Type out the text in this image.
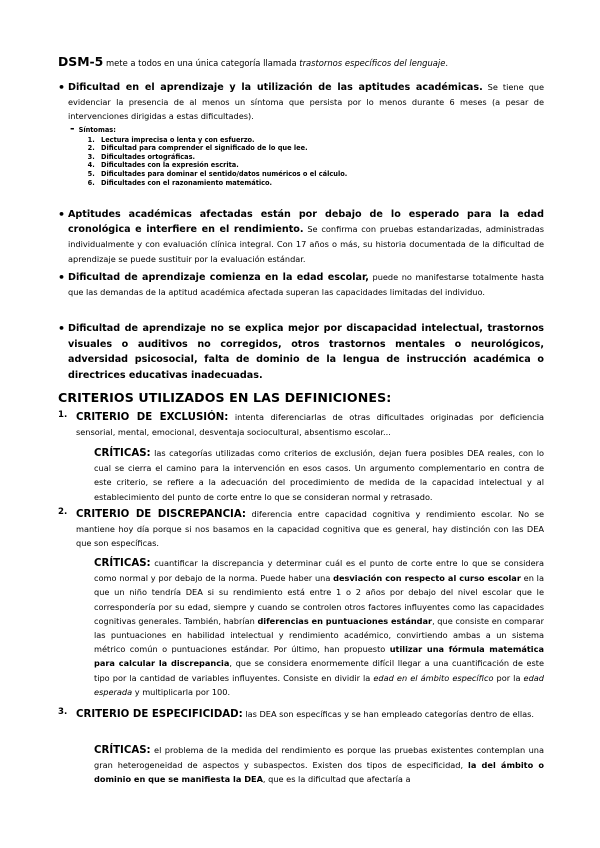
DSM-5 mete a todos en una única categoría llamada trastornos específicos del lenguaje.

• Dificultad en el aprendizaje y la utilización de las aptitudes académicas. Se tiene que evidenciar la presencia de al menos un síntoma que persista por lo menos durante 6 meses (a pesar de intervenciones dirigidas a estas dificultades).

- Síntomas:
1. Lectura imprecisa o lenta y con esfuerzo.
2. Dificultad para comprender el significado de lo que lee.
3. Dificultades ortográficas.
4. Dificultades con la expresión escrita.
5. Dificultades para dominar el sentido/datos numéricos o el cálculo.
6. Dificultades con el razonamiento matemático.
• Aptitudes académicas afectadas están por debajo de lo esperado para la edad cronológica e interfiere en el rendimiento. Se confirma con pruebas estandarizadas, administradas individualmente y con evaluación clínica integral. Con 17 años o más, su historia documentada de la dificultad de aprendizaje se puede sustituir por la evaluación estándar.

• Dificultad de aprendizaje comienza en la edad escolar, puede no manifestarse totalmente hasta que las demandas de la aptitud académica afectada superan las capacidades limitadas del individuo.

• Dificultad de aprendizaje no se explica mejor por discapacidad intelectual, trastornos visuales o auditivos no corregidos, otros trastornos mentales o neurológicos, adversidad psicosocial, falta de dominio de la lengua de instrucción académica o directrices educativas inadecuadas.

CRITERIOS UTILIZADOS EN LAS DEFINICIONES:
1. CRITERIO DE EXCLUSIÓN: intenta diferenciarlas de otras dificultades originadas por deficiencia sensorial, mental, emocional, desventaja sociocultural, absentismo escolar...

CRÍTICAS: las categorías utilizadas como criterios de exclusión, dejan fuera posibles DEA reales, con lo cual se cierra el camino para la intervención en esos casos. Un argumento complementario en contra de este criterio, se refiere a la adecuación del procedimiento de medida de la capacidad intelectual y al establecimiento del punto de corte entre lo que se consideran normal y retrasado.

2. CRITERIO DE DISCREPANCIA: diferencia entre capacidad cognitiva y rendimiento escolar. No se mantiene hoy día porque si nos basamos en la capacidad cognitiva que es general, hay distinción con las DEA que son específicas.

CRÍTICAS: cuantificar la discrepancia y determinar cuál es el punto de corte entre lo que se considera como normal y por debajo de la norma. Puede haber una desviación con respecto al curso escolar en la que un niño tendría DEA si su rendimiento está entre 1 o 2 años por debajo del nivel escolar que le correspondería por su edad, siempre y cuando se controlen otros factores influyentes como las capacidades cognitivas generales. También, habrían diferencias en puntuaciones estándar, que consiste en comparar las puntuaciones en habilidad intelectual y rendimiento académico, convirtiendo ambas a un sistema métrico común o puntuaciones estándar. Por último, han propuesto utilizar una fórmula matemática para calcular la discrepancia, que se considera enormemente difícil llegar a una cuantificación de este tipo por la cantidad de variables influyentes. Consiste en dividir la edad en el ámbito específico por la edad esperada y multiplicarla por 100.

3. CRITERIO DE ESPECIFICIDAD: las DEA son específicas y se han empleado categorías dentro de ellas.

CRÍTICAS: el problema de la medida del rendimiento es porque las pruebas existentes contemplan una gran heterogeneidad de aspectos y subaspectos. Existen dos tipos de especificidad, la del ámbito o dominio en que se manifiesta la DEA, que es la dificultad que afectaría a
